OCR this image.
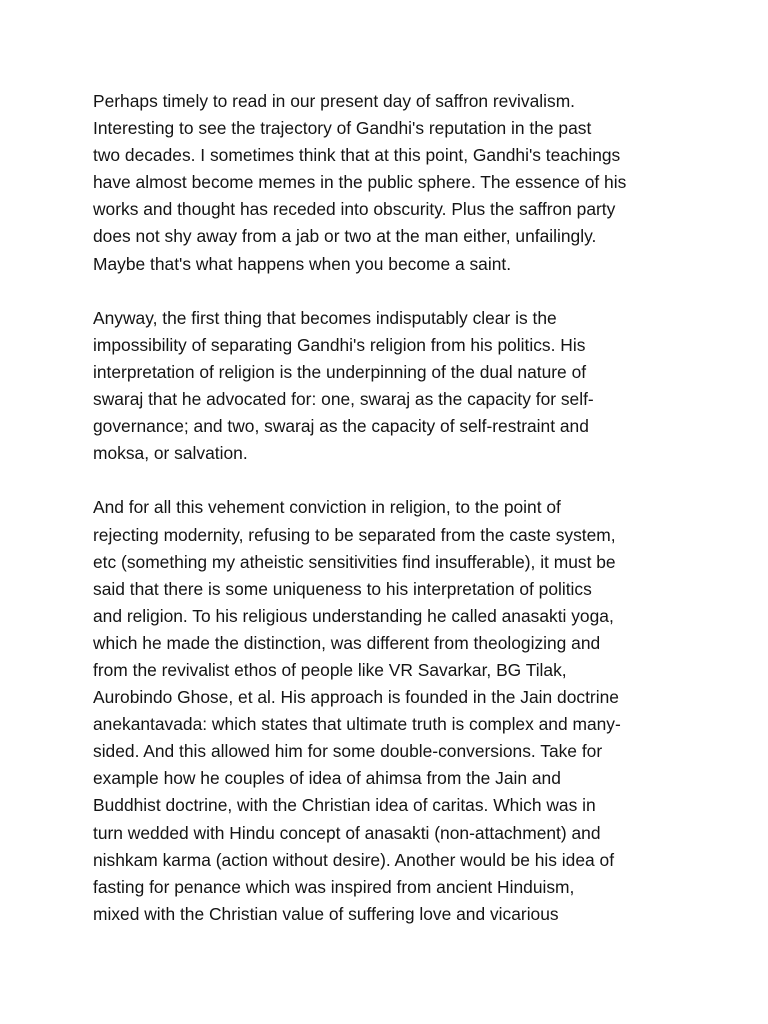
Perhaps timely to read in our present day of saffron revivalism.
Interesting to see the trajectory of Gandhi's reputation in the past
two decades. I sometimes think that at this point, Gandhi's teachings
have almost become memes in the public sphere. The essence of his
works and thought has receded into obscurity. Plus the saffron party
does not shy away from a jab or two at the man either, unfailingly.
Maybe that's what happens when you become a saint.
Anyway, the first thing that becomes indisputably clear is the
impossibility of separating Gandhi's religion from his politics. His
interpretation of religion is the underpinning of the dual nature of
swaraj that he advocated for: one, swaraj as the capacity for self-
governance; and two, swaraj as the capacity of self-restraint and
moksa, or salvation.
And for all this vehement conviction in religion, to the point of
rejecting modernity, refusing to be separated from the caste system,
etc (something my atheistic sensitivities find insufferable), it must be
said that there is some uniqueness to his interpretation of politics
and religion. To his religious understanding he called anasakti yoga,
which he made the distinction, was different from theologizing and
from the revivalist ethos of people like VR Savarkar, BG Tilak,
Aurobindo Ghose, et al. His approach is founded in the Jain doctrine
anekantavada: which states that ultimate truth is complex and many-
sided. And this allowed him for some double-conversions. Take for
example how he couples of idea of ahimsa from the Jain and
Buddhist doctrine, with the Christian idea of caritas. Which was in
turn wedded with Hindu concept of anasakti (non-attachment) and
nishkam karma (action without desire). Another would be his idea of
fasting for penance which was inspired from ancient Hinduism,
mixed with the Christian value of suffering love and vicarious
